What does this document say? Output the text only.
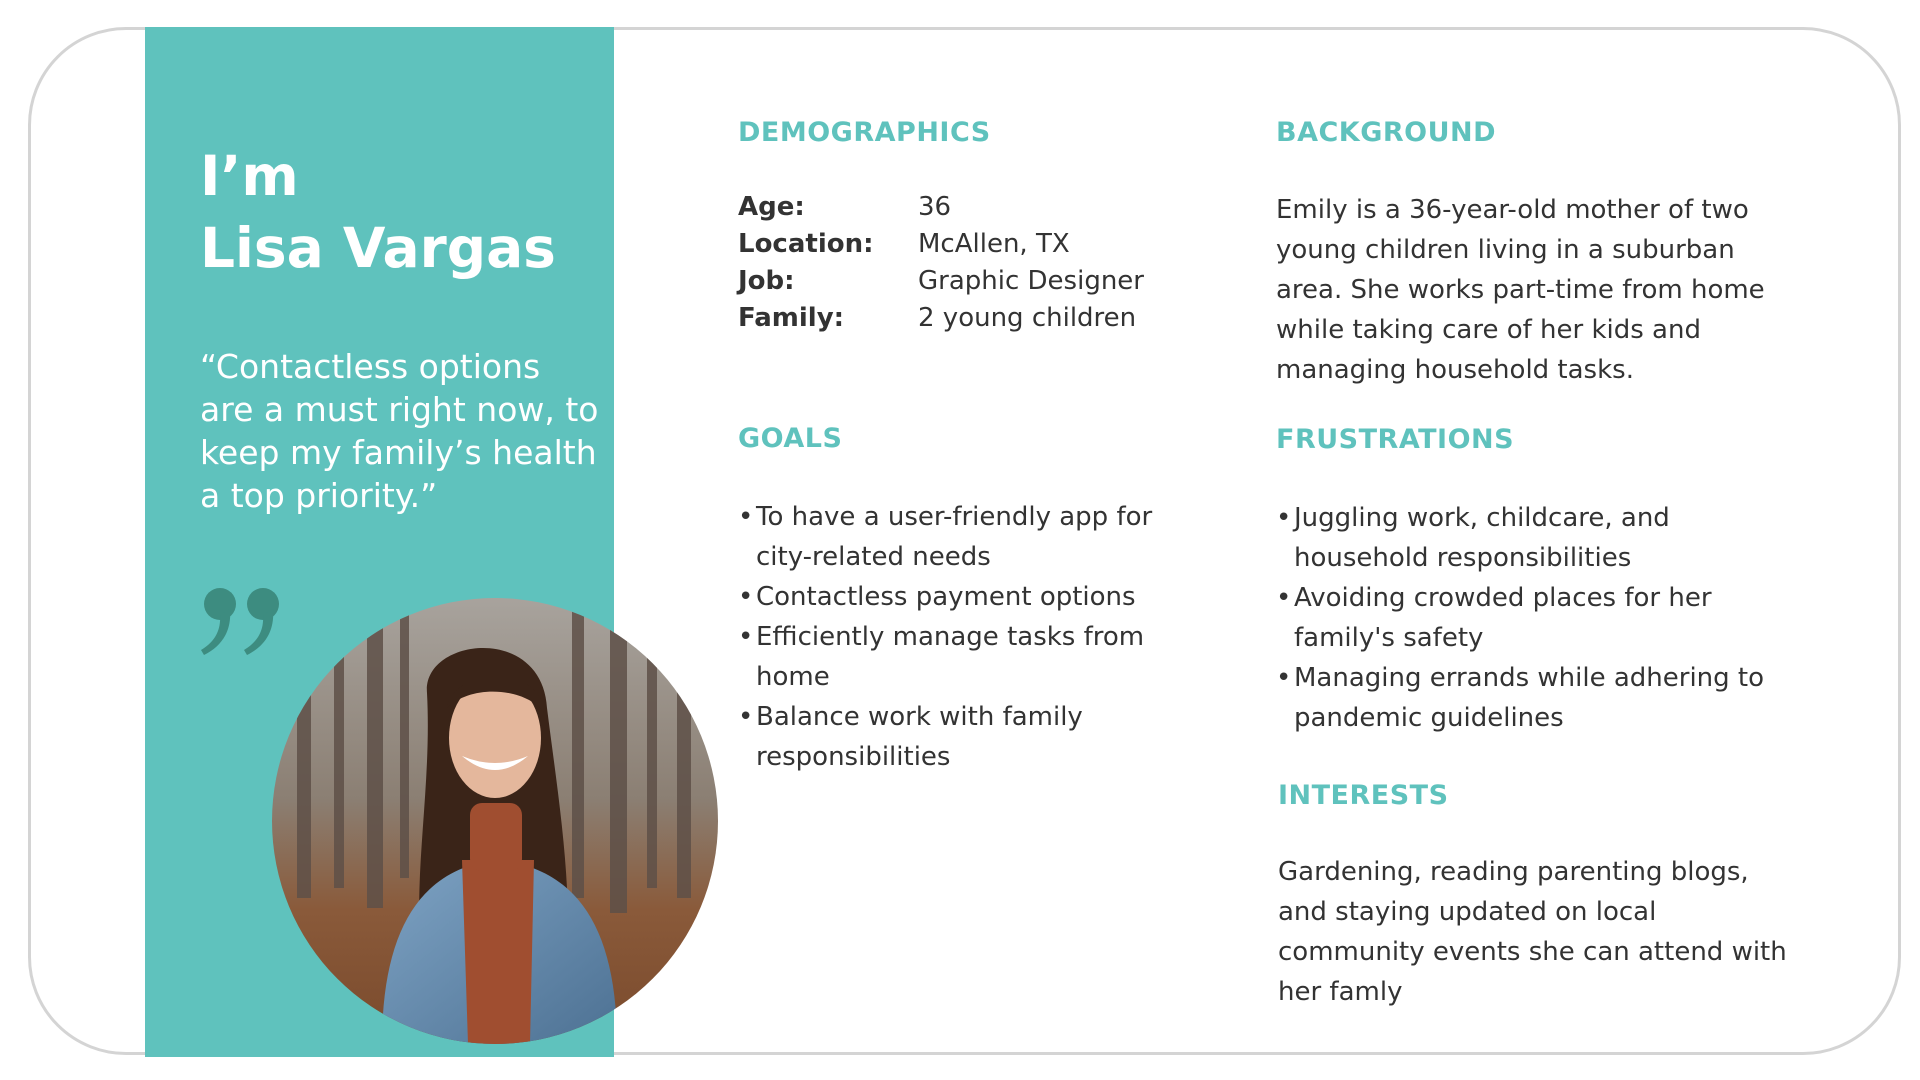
I’m
Lisa Vargas

“Contactless options are a must right now, to keep my family’s health a top priority.”

DEMOGRAPHICS
Age:	36
Location:	McAllen, TX
Job:	Graphic Designer
Family:	2 young children
BACKGROUND

Emily is a 36-year-old mother of two young children living in a suburban area. She works part-time from home while taking care of her kids and managing household tasks.

GOALS
• To have a user-friendly app for city-related needs
• Contactless payment options
• Efficiently manage tasks from home
• Balance work with family responsibilities
FRUSTRATIONS
• Juggling work, childcare, and household responsibilities
• Avoiding crowded places for her family's safety
• Managing errands while adhering to pandemic guidelines
INTERESTS

Gardening, reading parenting blogs, and staying updated on local community events she can attend with her famly
